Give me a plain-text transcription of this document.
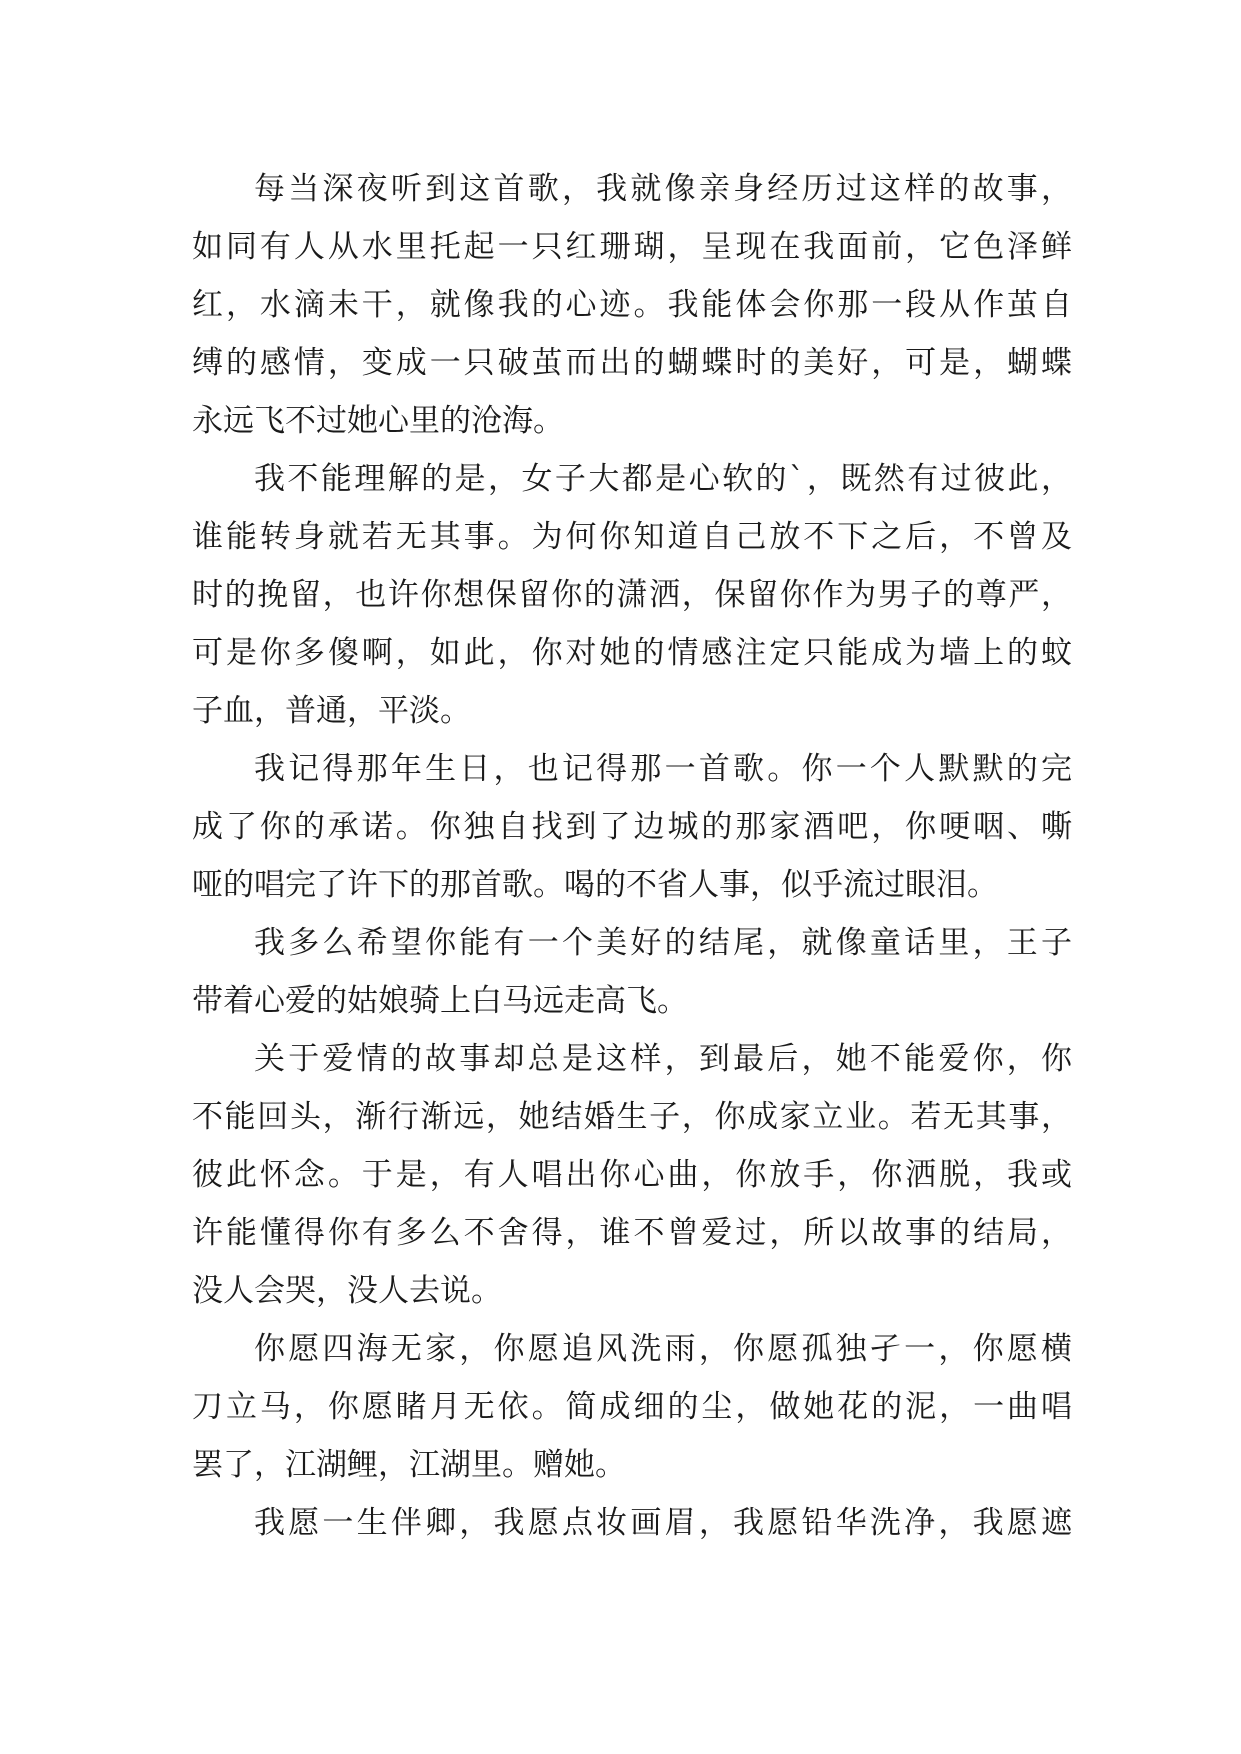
每当深夜听到这首歌，我就像亲身经历过这样的故事，
如同有人从水里托起一只红珊瑚，呈现在我面前，它色泽鲜
红，水滴未干，就像我的心迹。我能体会你那一段从作茧自
缚的感情，变成一只破茧而出的蝴蝶时的美好，可是，蝴蝶
永远飞不过她心里的沧海。
我不能理解的是，女子大都是心软的`，既然有过彼此，
谁能转身就若无其事。为何你知道自己放不下之后，不曾及
时的挽留，也许你想保留你的潇洒，保留你作为男子的尊严，
可是你多傻啊，如此，你对她的情感注定只能成为墙上的蚊
子血，普通，平淡。
我记得那年生日，也记得那一首歌。你一个人默默的完
成了你的承诺。你独自找到了边城的那家酒吧，你哽咽、嘶
哑的唱完了许下的那首歌。喝的不省人事，似乎流过眼泪。
我多么希望你能有一个美好的结尾，就像童话里，王子
带着心爱的姑娘骑上白马远走高飞。
关于爱情的故事却总是这样，到最后，她不能爱你，你
不能回头，渐行渐远，她结婚生子，你成家立业。若无其事，
彼此怀念。于是，有人唱出你心曲，你放手，你洒脱，我或
许能懂得你有多么不舍得，谁不曾爱过，所以故事的结局，
没人会哭，没人去说。
你愿四海无家，你愿追风洗雨，你愿孤独孑一，你愿横
刀立马，你愿睹月无依。简成细的尘，做她花的泥，一曲唱
罢了，江湖鲤，江湖里。赠她。
我愿一生伴卿，我愿点妆画眉，我愿铅华洗净，我愿遮
